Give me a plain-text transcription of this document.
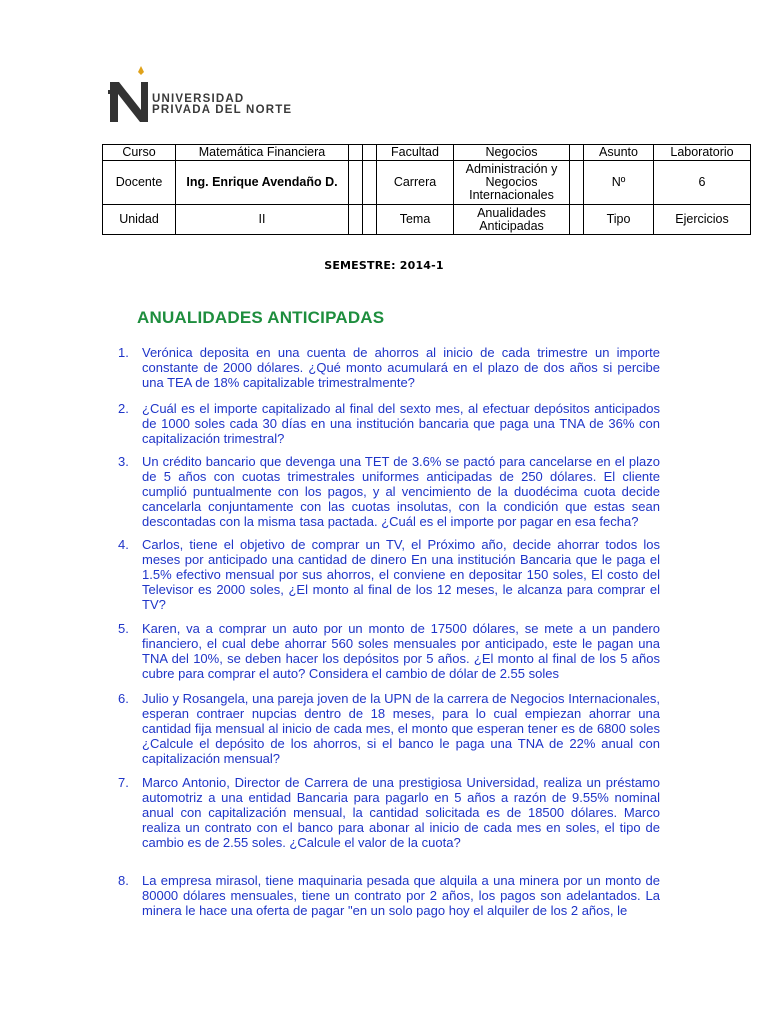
UNIVERSIDAD
PRIVADA DEL NORTE
Curso	Matemática Financiera			Facultad	Negocios		Asunto	Laboratorio
Docente	Ing. Enrique Avendaño D.			Carrera	Administración y Negocios Internacionales		Nº	6
Unidad	II			Tema	Anualidades Anticipadas		Tipo	Ejercicios
SEMESTRE: 2014-1
ANUALIDADES ANTICIPADAS
1.	Verónica deposita en una cuenta de ahorros al inicio de cada trimestre un importe constante de 2000 dólares. ¿Qué monto acumulará en el plazo de dos años si percibe una TEA de 18% capitalizable trimestralmente?
2.	¿Cuál es el importe capitalizado al final del sexto mes, al efectuar depósitos anticipados de 1000 soles cada 30 días en una institución bancaria que paga una TNA de 36% con capitalización trimestral?
3.	Un crédito bancario que devenga una TET de 3.6% se pactó para cancelarse en el plazo de 5 años con cuotas trimestrales uniformes anticipadas de 250 dólares. El cliente cumplió puntualmente con los pagos, y al vencimiento de la duodécima cuota decide cancelarla conjuntamente con las cuotas insolutas, con la condición que estas sean descontadas con la misma tasa pactada. ¿Cuál es el importe por pagar en esa fecha?
4.	Carlos, tiene el objetivo de comprar un TV, el Próximo año, decide ahorrar todos los meses por anticipado una cantidad de dinero En una institución Bancaria que le paga el 1.5% efectivo mensual por sus ahorros, el conviene en depositar 150 soles, El costo del Televisor es 2000 soles, ¿El monto al final de los 12 meses, le alcanza para comprar el TV?
5.	Karen, va a comprar un auto por un monto de 17500 dólares, se mete a un pandero financiero, el cual debe ahorrar 560 soles mensuales por anticipado, este le pagan una TNA del 10%, se deben hacer los depósitos por 5 años. ¿El monto al final de los 5 años cubre para comprar el auto? Considera el cambio de dólar de 2.55 soles
6.	Julio y Rosangela, una pareja joven de la UPN de la carrera de Negocios Internacionales, esperan contraer nupcias dentro de 18 meses, para lo cual empiezan ahorrar una cantidad fija mensual al inicio de cada mes, el monto que esperan tener es de 6800 soles ¿Calcule el depósito de los ahorros, si el banco le paga una TNA de 22% anual con capitalización mensual?
7.	Marco Antonio, Director de Carrera de una prestigiosa Universidad, realiza un préstamo automotriz a una entidad Bancaria para pagarlo en 5 años a razón de 9.55% nominal anual con capitalización mensual, la cantidad solicitada es de 18500 dólares. Marco realiza un contrato con el banco para abonar al inicio de cada mes en soles, el tipo de cambio es de 2.55 soles. ¿Calcule el valor de la cuota?
8.	La empresa mirasol, tiene maquinaria pesada que alquila a una minera por un monto de 80000 dólares mensuales, tiene un contrato por 2 años, los pagos son adelantados. La minera le hace una oferta de pagar "en un solo pago hoy el alquiler de los 2 años, le
